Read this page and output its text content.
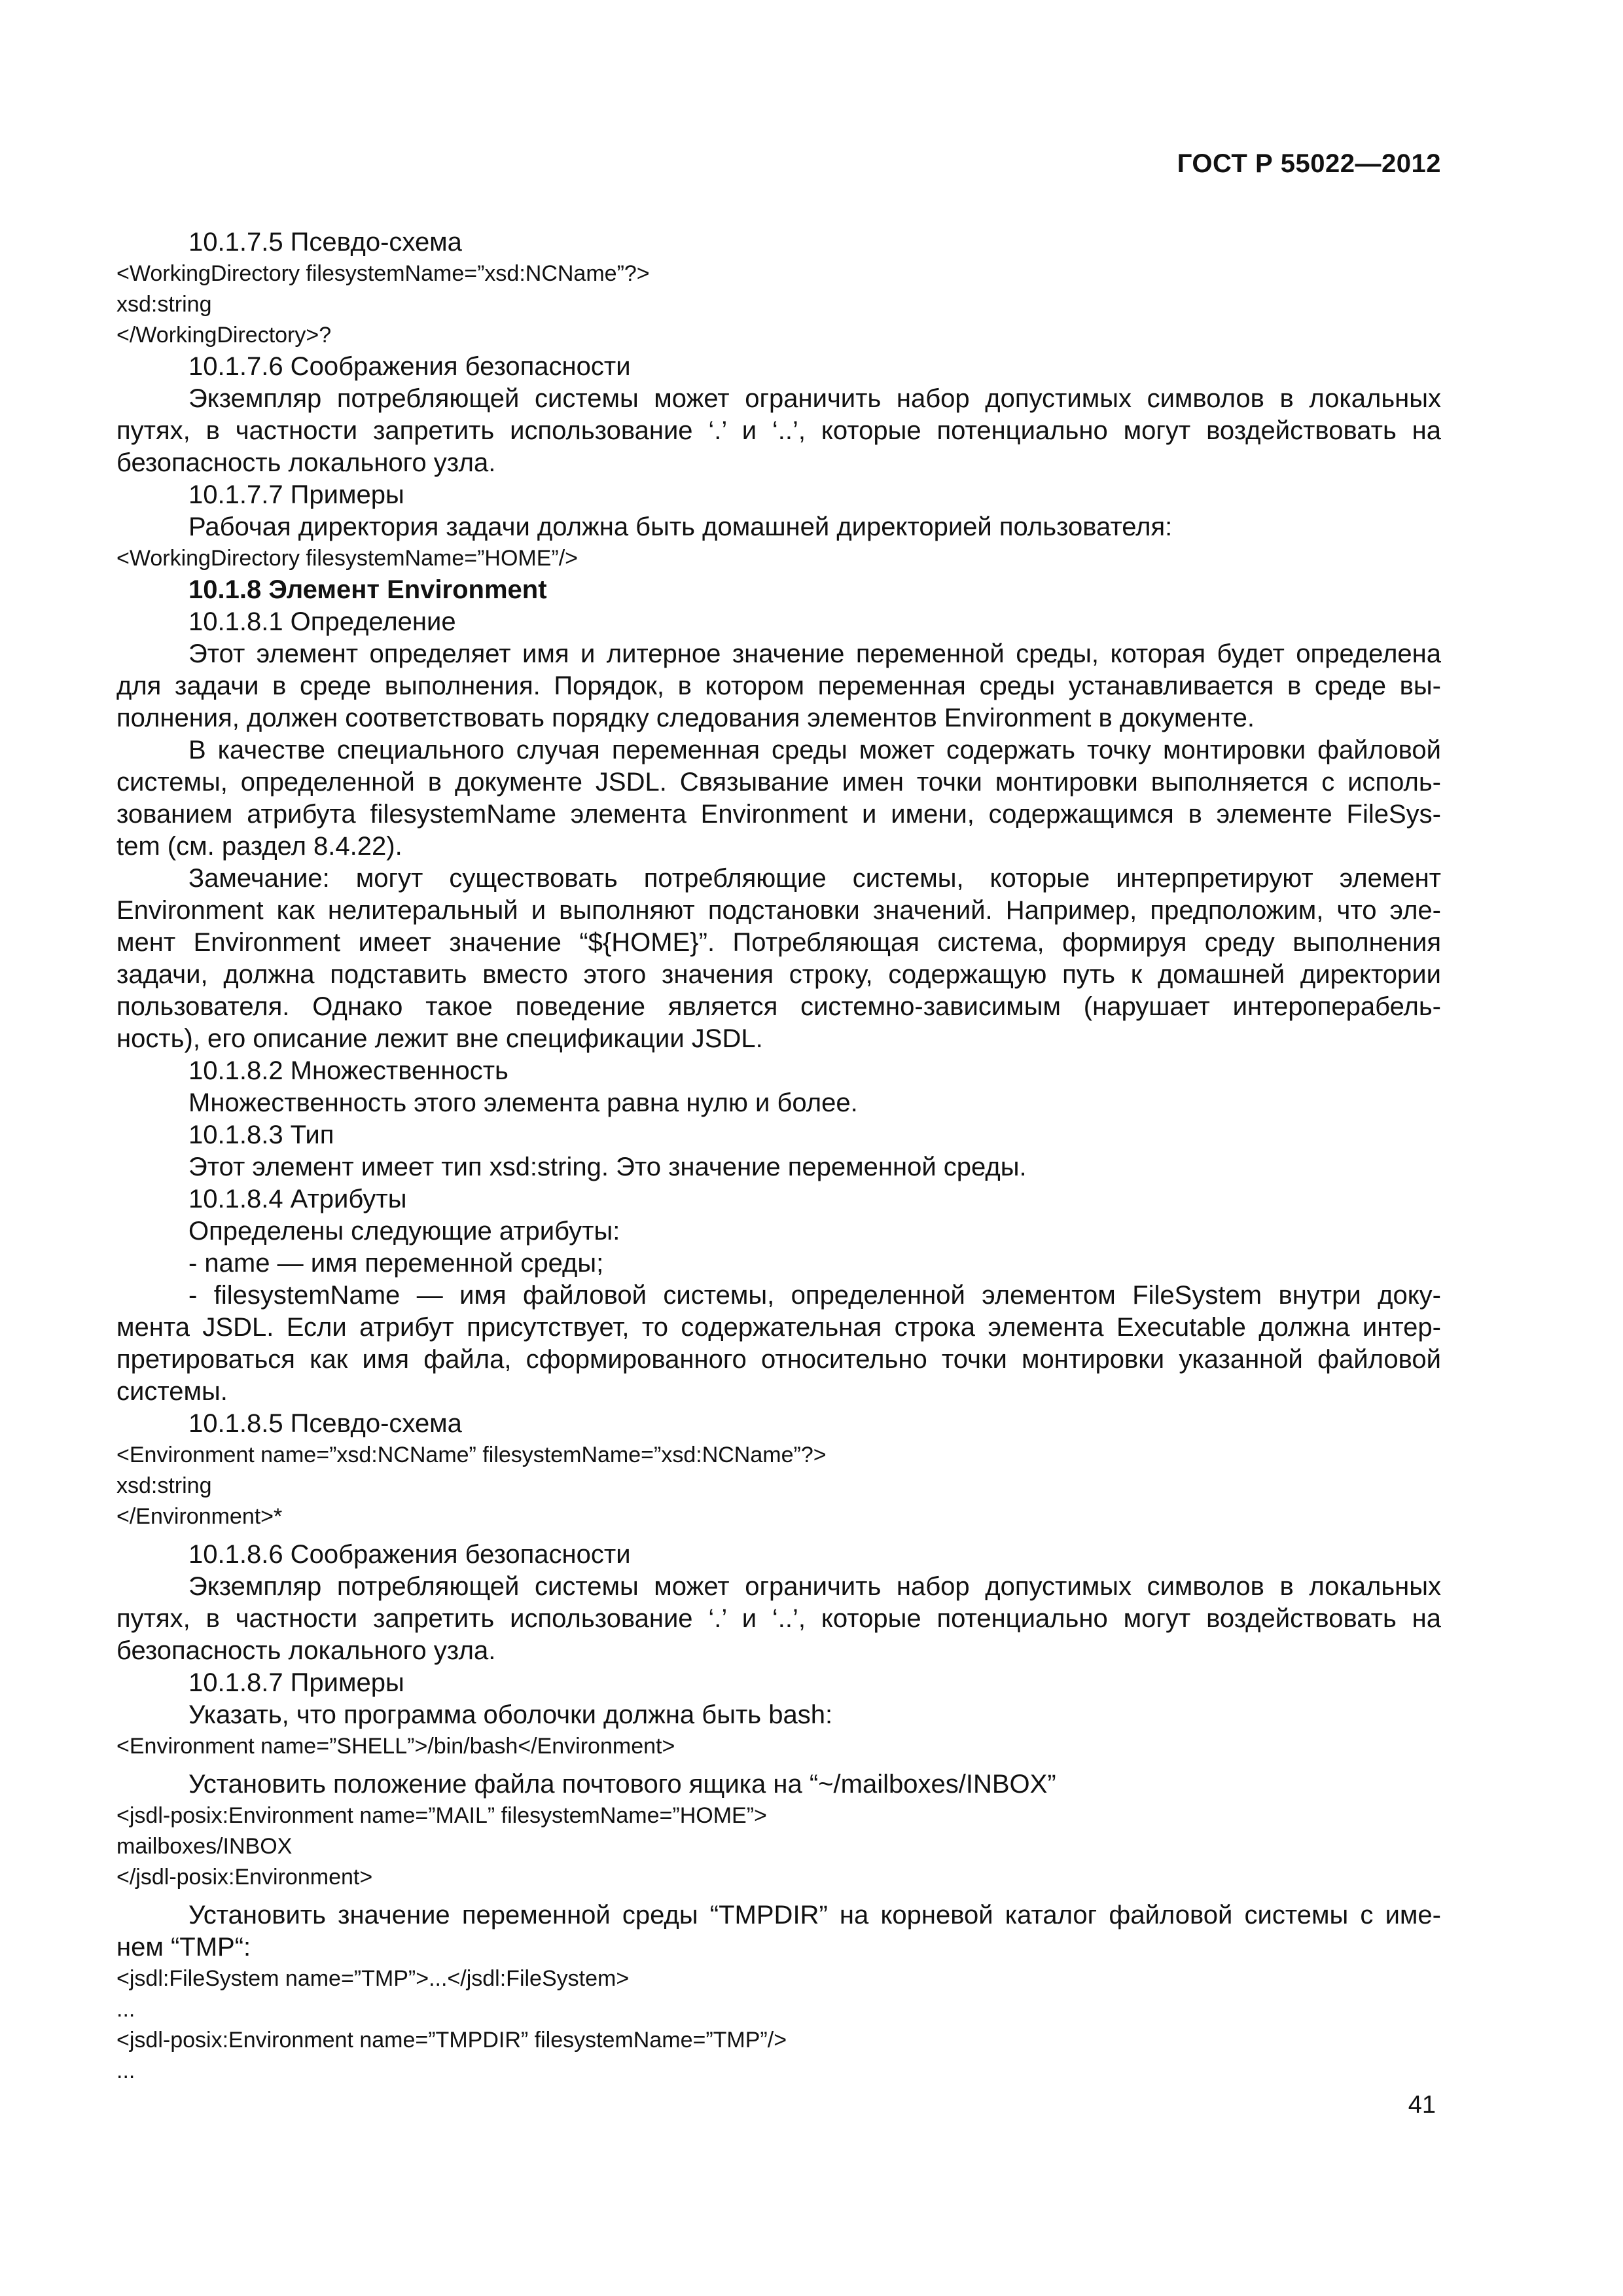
ГОСТ Р 55022—2012
10.1.7.5 Псевдо-схема
<WorkingDirectory filesystemName=”xsd:NCName”?>
xsd:string
</WorkingDirectory>?
10.1.7.6 Соображения безопасности
Экземпляр потребляющей системы может ограничить набор допустимых символов в локальных
путях, в частности запретить использование ‘.’ и ‘..’, которые потенциально могут воздействовать на
безопасность локального узла.
10.1.7.7 Примеры
Рабочая директория задачи должна быть домашней директорией пользователя:
<WorkingDirectory filesystemName=”HOME”/>
10.1.8 Элемент Environment
10.1.8.1 Определение
Этот элемент определяет имя и литерное значение переменной среды, которая будет определена
для задачи в среде выполнения. Порядок, в котором переменная среды устанавливается в среде вы-
полнения, должен соответствовать порядку следования элементов Environment в документе.
В качестве специального случая переменная среды может содержать точку монтировки файловой
системы, определенной в документе JSDL. Связывание имен точки монтировки выполняется с исполь-
зованием атрибута filesystemName элемента Environment и имени, содержащимся в элементе FileSys-
tem (см. раздел 8.4.22).
Замечание: могут существовать потребляющие системы, которые интерпретируют элемент
Environment как нелитеральный и выполняют подстановки значений. Например, предположим, что эле-
мент Environment имеет значение “${HOME}”. Потребляющая система, формируя среду выполнения
задачи, должна подставить вместо этого значения строку, содержащую путь к домашней директории
пользователя. Однако такое поведение является системно-зависимым (нарушает интероперабель-
ность), его описание лежит вне спецификации JSDL.
10.1.8.2 Множественность
Множественность этого элемента равна нулю и более.
10.1.8.3 Тип
Этот элемент имеет тип xsd:string. Это значение переменной среды.
10.1.8.4 Атрибуты
Определены следующие атрибуты:
- name — имя переменной среды;
- filesystemName — имя файловой системы, определенной элементом FileSystem внутри доку-
мента JSDL. Если атрибут присутствует, то содержательная строка элемента Executable должна интер-
претироваться как имя файла, сформированного относительно точки монтировки указанной файловой
системы.
10.1.8.5 Псевдо-схема
<Environment name=”xsd:NCName” filesystemName=”xsd:NCName”?>
xsd:string
</Environment>*
10.1.8.6 Соображения безопасности
Экземпляр потребляющей системы может ограничить набор допустимых символов в локальных
путях, в частности запретить использование ‘.’ и ‘..’, которые потенциально могут воздействовать на
безопасность локального узла.
10.1.8.7 Примеры
Указать, что программа оболочки должна быть bash:
<Environment name=”SHELL”>/bin/bash</Environment>
Установить положение файла почтового ящика на “~/mailboxes/INBOX”
<jsdl-posix:Environment name=”MAIL” filesystemName=”HOME”>
mailboxes/INBOX
</jsdl-posix:Environment>
Установить значение переменной среды “TMPDIR” на корневой каталог файловой системы с име-
нем “TMP“:
<jsdl:FileSystem name=”TMP”>...</jsdl:FileSystem>
...
<jsdl-posix:Environment name=”TMPDIR” filesystemName=”TMP”/>
...
41
